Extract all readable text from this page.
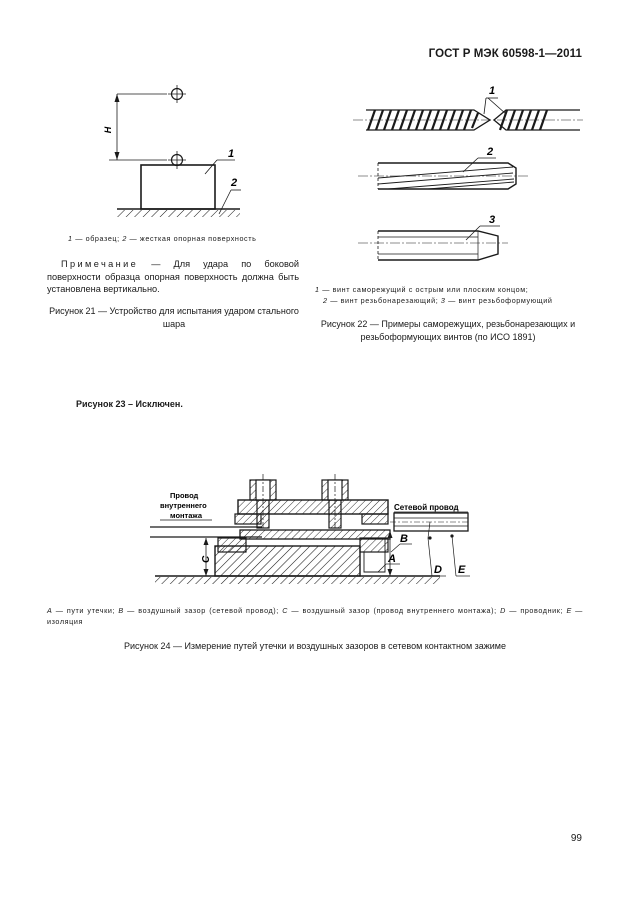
ГОСТ Р МЭК 60598-1—2011
H
1
2
1 — образец; 2 — жесткая опорная поверхность
Примечание — Для удара по боковой поверхности образца опорная поверхность должна быть установлена вертикально.
Рисунок 21 — Устройство для испытания ударом стального шара
1
2
3
1 — винт саморежущий с острым или плоским концом;
2 — винт резьбонарезающий; 3 — винт резьбоформующий
Рисунок 22 — Примеры саморежущих, резьбонарезающих и резьбоформующих винтов (по ИСО 1891)
Рисунок 23 – Исключен.
Провод
внутреннего
монтажа
Сетевой провод
C	A
B
D E
A — пути утечки; B — воздушный зазор (сетевой провод); C — воздушный зазор (провод внутреннего монтажа); D — проводник; E — изоляция
Рисунок 24 — Измерение путей утечки и воздушных зазоров в сетевом контактном зажиме
99
